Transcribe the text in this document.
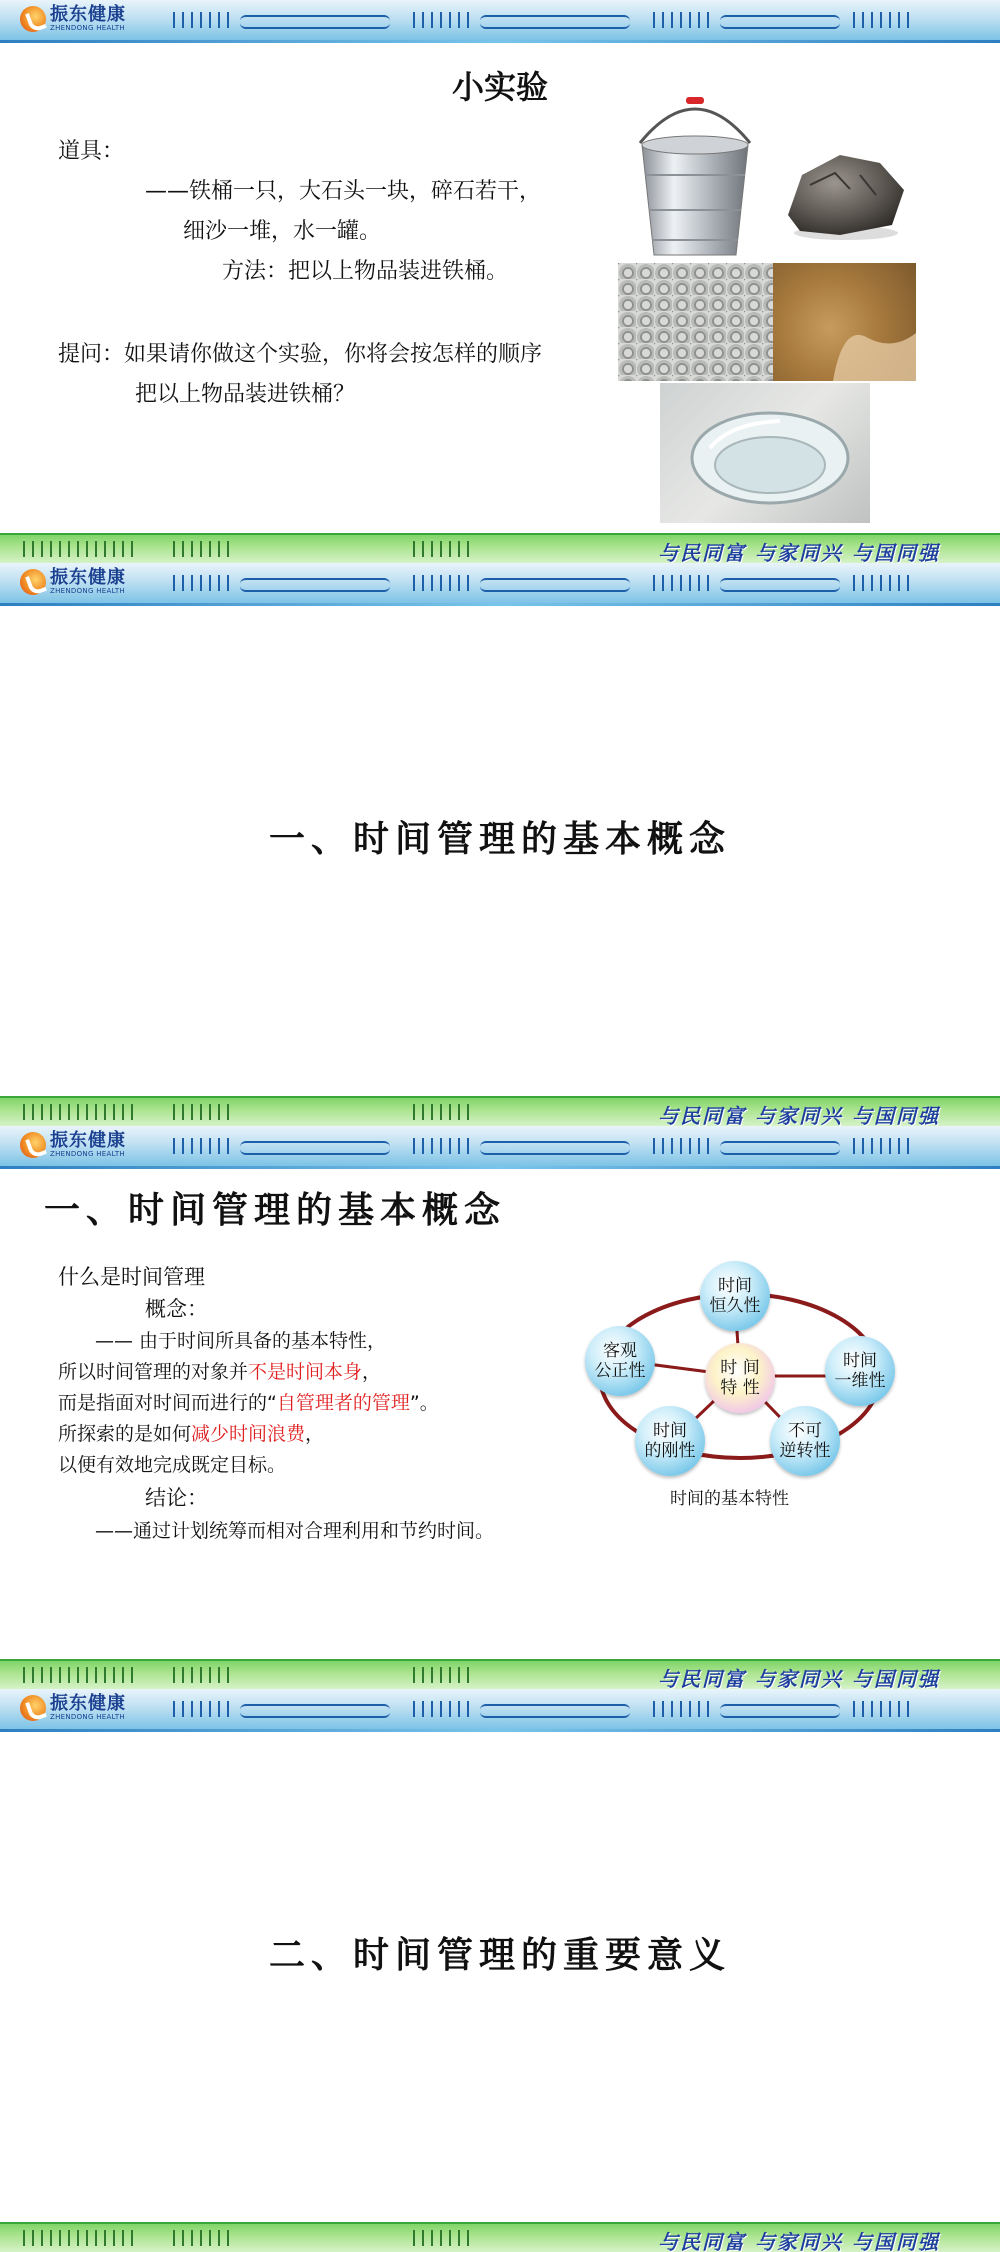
振东健康
ZHENDONG HEALTH
小实验
道具：
——铁桶一只，大石头一块，碎石若干，
细沙一堆，水一罐。
方法：把以上物品装进铁桶。
提问：如果请你做这个实验，你将会按怎样的顺序
把以上物品装进铁桶？
与民同富 与家同兴 与国同强
振东健康
ZHENDONG HEALTH
一、时间管理的基本概念
与民同富 与家同兴 与国同强
振东健康
ZHENDONG HEALTH
一、时间管理的基本概念
什么是时间管理
概念：
—— 由于时间所具备的基本特性，
所以时间管理的对象并不是时间本身，
而是指面对时间而进行的“自管理者的管理”。
所探索的是如何减少时间浪费，
以便有效地完成既定目标。
结论：
——通过计划统筹而相对合理利用和节约时间。
时间
恒久性
时间
一维性
不可
逆转性
时间
的刚性
客观
公正性	时 间
特 性
时间的基本特性
与民同富 与家同兴 与国同强
振东健康
ZHENDONG HEALTH
二、时间管理的重要意义
与民同富 与家同兴 与国同强
